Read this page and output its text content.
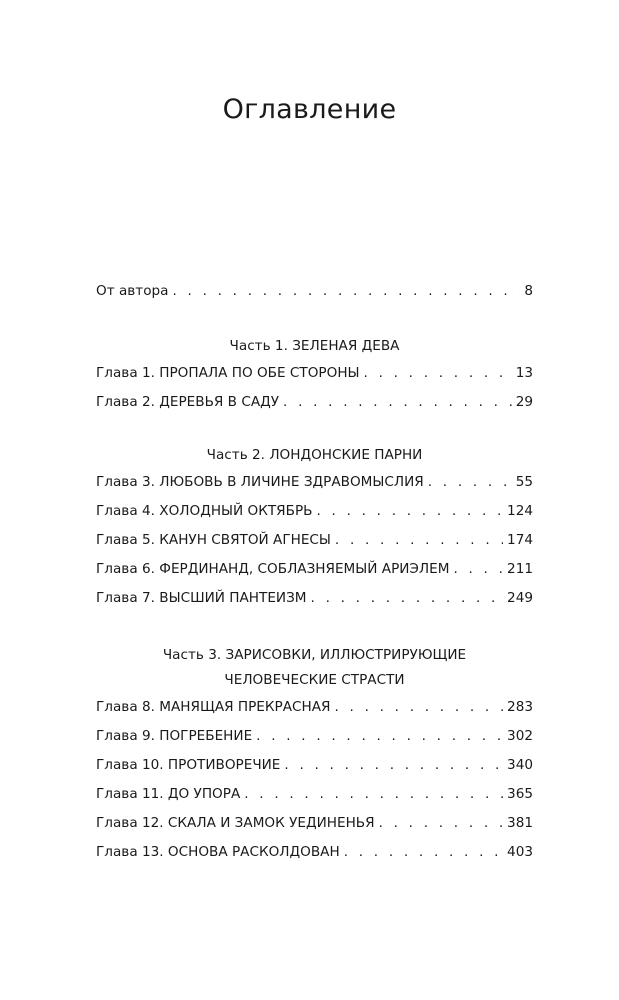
Оглавление
От автора . . .	8
Часть 1. ЗЕЛЕНАЯ ДЕВА
Глава 1. ПРОПАЛА ПО ОБЕ СТОРОНЫ . . .	13
Глава 2. ДЕРЕВЬЯ В САДУ . . .	29
Часть 2. ЛОНДОНСКИЕ ПАРНИ
Глава 3. ЛЮБОВЬ В ЛИЧИНЕ ЗДРАВОМЫСЛИЯ . . .	55
Глава 4. ХОЛОДНЫЙ ОКТЯБРЬ . . .	124
Глава 5. КАНУН СВЯТОЙ АГНЕСЫ . . .	174
Глава 6. ФЕРДИНАНД, СОБЛАЗНЯЕМЫЙ АРИЭЛЕМ . . .	211
Глава 7. ВЫСШИЙ ПАНТЕИЗМ . . .	249
Часть 3. ЗАРИСОВКИ, ИЛЛЮСТРИРУЮЩИЕ
ЧЕЛОВЕЧЕСКИЕ СТРАСТИ
Глава 8. МАНЯЩАЯ ПРЕКРАСНАЯ . . .	283
Глава 9. ПОГРЕБЕНИЕ . . .	302
Глава 10. ПРОТИВОРЕЧИЕ . . .	340
Глава 11. ДО УПОРА . . .	365
Глава 12. СКАЛА И ЗАМОК УЕДИНЕНЬЯ . . .	381
Глава 13. ОСНОВА РАСКОЛДОВАН . . .	403
